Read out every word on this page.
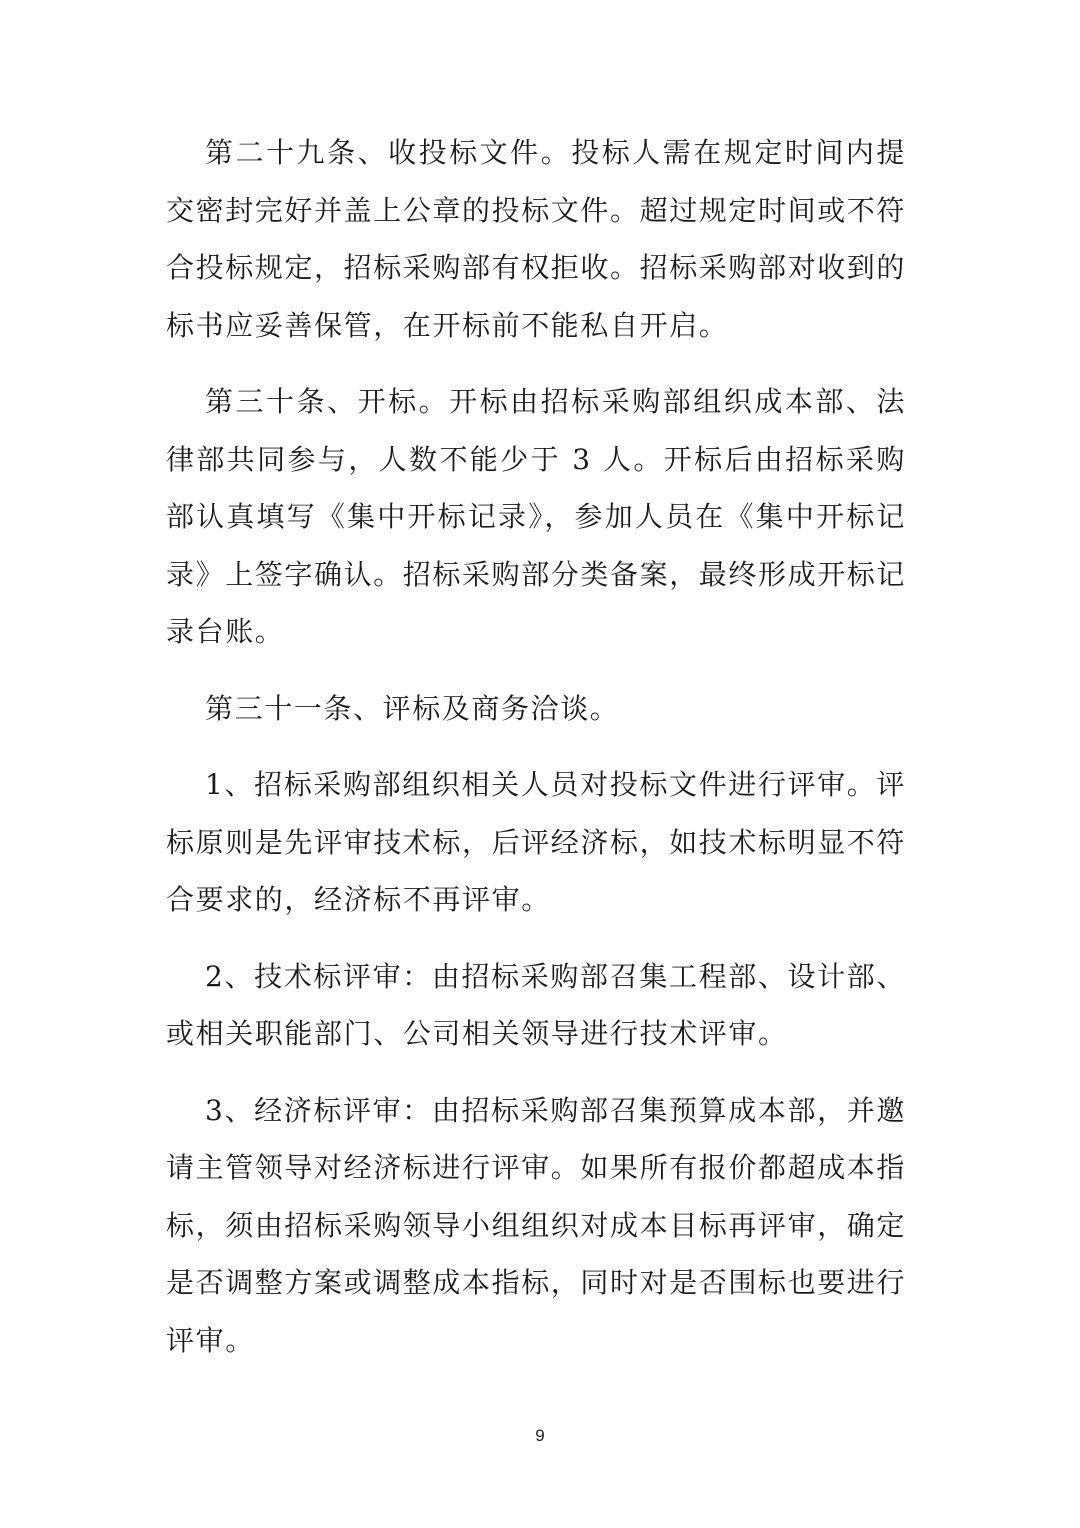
第二十九条、收投标文件。投标人需在规定时间内提交密封完好并盖上公章的投标文件。超过规定时间或不符合投标规定，招标采购部有权拒收。招标采购部对收到的标书应妥善保管，在开标前不能私自开启。

第三十条、开标。开标由招标采购部组织成本部、法律部共同参与，人数不能少于 3 人。开标后由招标采购部认真填写《集中开标记录》，参加人员在《集中开标记录》上签字确认。招标采购部分类备案，最终形成开标记录台账。

第三十一条、评标及商务洽谈。

1、招标采购部组织相关人员对投标文件进行评审。评标原则是先评审技术标，后评经济标，如技术标明显不符合要求的，经济标不再评审。

2、技术标评审：由招标采购部召集工程部、设计部、或相关职能部门、公司相关领导进行技术评审。

3、经济标评审：由招标采购部召集预算成本部，并邀请主管领导对经济标进行评审。如果所有报价都超成本指标，须由招标采购领导小组组织对成本目标再评审，确定是否调整方案或调整成本指标，同时对是否围标也要进行评审。

9
